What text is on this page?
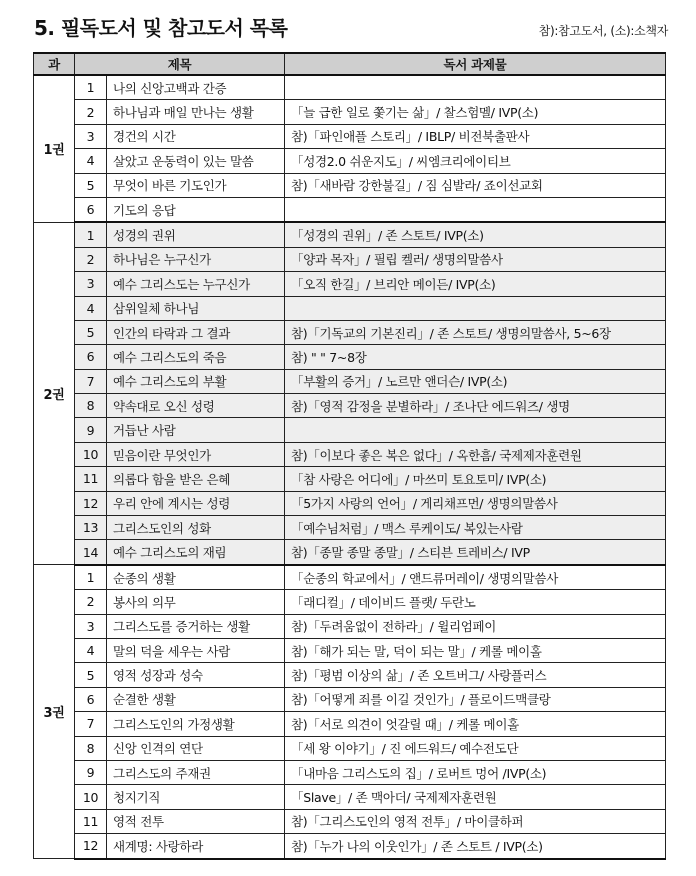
5. 필독도서 및 참고도서 목록	참):참고도서, (소):소책자
과	제목		독서 과제물
1권	1	나의 신앙고백과 간증	
	2	하나님과 매일 만나는 생활	「늘 급한 일로 쫓기는 삶」/ 찰스험멜/ IVP(소)
	3	경건의 시간	참)「파인애플 스토리」/ IBLP/ 비전북출판사
	4	살았고 운동력이 있는 말씀	「성경2.0 쉬운지도」/ 씨엠크리에이티브
	5	무엇이 바른 기도인가	참)「새바람 강한불길」/ 짐 심발라/ 죠이선교회
	6	기도의 응답	
2권	1	성경의 권위	「성경의 권위」/ 존 스토트/ IVP(소)
	2	하나님은 누구신가	「양과 목자」/ 필립 켈러/ 생명의말씀사
	3	예수 그리스도는 누구신가	「오직 한길」/ 브리안 메이든/ IVP(소)
	4	삼위일체 하나님	
	5	인간의 타락과 그 결과	참)「기독교의 기본진리」/ 존 스토트/ 생명의말씀사, 5~6장
	6	예수 그리스도의 죽음	참) " " 7~8장
	7	예수 그리스도의 부활	「부활의 증거」/ 노르만 앤더슨/ IVP(소)
	8	약속대로 오신 성령	참)「영적 감정을 분별하라」/ 조나단 에드워즈/ 생명
	9	거듭난 사람	
	10	믿음이란 무엇인가	참)「이보다 좋은 복은 없다」/ 옥한흠/ 국제제자훈련원
	11	의롭다 함을 받은 은혜	「참 사랑은 어디에」/ 마쓰미 토요토미/ IVP(소)
	12	우리 안에 계시는 성령	「5가지 사랑의 언어」/ 게리채프먼/ 생명의말씀사
	13	그리스도인의 성화	「예수님처럼」/ 맥스 루케이도/ 복있는사람
	14	예수 그리스도의 재림	참)「종말 종말 종말」/ 스티븐 트레비스/ IVP
3권	1	순종의 생활	「순종의 학교에서」/ 앤드류머레이/ 생명의말씀사
	2	봉사의 의무	「래디컬」/ 데이비드 플랫/ 두란노
	3	그리스도를 증거하는 생활	참)「두려움없이 전하라」/ 윌리엄페이
	4	말의 덕을 세우는 사람	참)「해가 되는 말, 덕이 되는 말」/ 케롤 메이홀
	5	영적 성장과 성숙	참)「평범 이상의 삶」/ 존 오트버그/ 사랑플러스
	6	순결한 생활	참)「어떻게 죄를 이길 것인가」/ 플로이드맥클랑
	7	그리스도인의 가정생활	참)「서로 의견이 엇갈릴 때」/ 케롤 메이홀
	8	신앙 인격의 연단	「세 왕 이야기」/ 진 에드워드/ 예수전도단
	9	그리스도의 주재권	「내마음 그리스도의 집」/ 로버트 멍어 /IVP(소)
	10	청지기직	「Slave」/ 존 맥아더/ 국제제자훈련원
	11	영적 전투	참)「그리스도인의 영적 전투」/ 마이클하퍼
	12	새계명: 사랑하라	참)「누가 나의 이웃인가」/ 존 스토트 / IVP(소)
